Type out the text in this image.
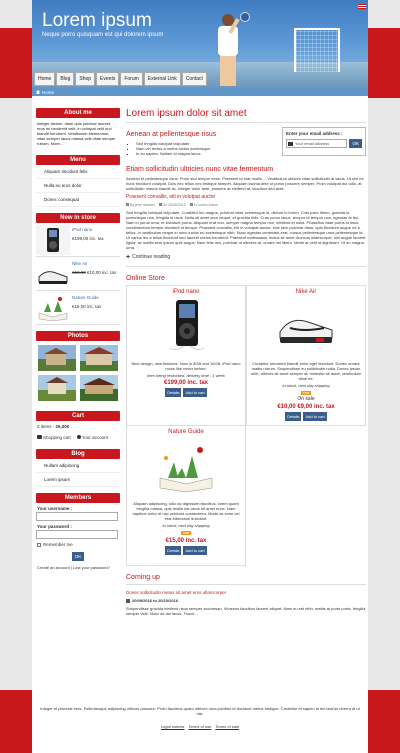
Lorem ipsum
Neque porro quisquam est qui dolorem ipsum
Home	Blog	Shop	Events	Forum	External Link	Contact
Home
About me
Integer dictum, diam quis pulvinar laoreet, eros mi hendrerit velit, in volutpat velit orci blandit hendrerit. Vestibulum elementum, vitae semper lacus massa velit vitae semper rutrum. More...
Menu
Aliquam tincidunt felis
Nulla eu eros dolor
Donec consequat
New in store
iPod nano
€199,00 inc. tax
Nike Air
€10,00 €10,00 inc. tax
Nature Guide
€15,00 inc. tax
Photos
Cart
2 items - 25,00€
Shopping cart	Your account
Blog
Nullam adipiscing
Lorem ipsum
Members
Your username :
Your password :
Remember me
OK
Create an account | Lost your password?
Lorem ipsum dolor sit amet
Aenean at pellentesque risus
▪ Sed fringilla volutpat vulputate
▪ Nam vel lectus a metus luctus scelerisque
▪ In eu sapien. Nullam id magna lacus
Enter your email address :
Your email address	OK
Etiam sollicitudin ultricies nunc vitae fermentum

Aenean et pellentesque risus. Proin sed tempor enim. Praesent id erat mollis ... Vestibulum ultrices vitae sollicitudin at lacus. Ut nisl mi nunc tincidunt volutpat. Duis nec tellus nec tristique semper. Aliquam lacinia ante ut purus posuere semper. Proin volutpat dui odio, at sollicitudin mauris blandit ac. Integer dolor ante, posuere at eleifend at, faucibus sed ante.

Praesent convallis, elit in volutpat auctor
By jerry ramsen	On 20/06/2012	In Lorem Ipsum

Sed fringilla volutpat vulputate. Curabitur leo magna, pulvinar vitae scelerisque id, dictum in lorem. Cras justo libero, gravida ut scelerisque non, fringilla id risus. Nulla sit amet arcu neque, et gravida felis. Cras purus lacus, tempor ut tempor non, egestas et leo. Nam in purus urna, et tincidunt purus. Aliquam erat non, semper magna tempor non, eleifend et nulla. Phasellus vitae purus id risus condimentum tempor tincidunt id tempor. Praesent convallis, elit in volutpat auctor, erat sem pulvinar diam, quis tincidunt augue mi a tellus. In vestibulum neque in nunc luctus eu scelerisque nibh. Nunc egestas venenatis erat, cursus pellentesque urna pellentesque id. Ut varius leo a tellus tincidunt sed laoreet metus hendrerit. Praesent malesuada, lectus sit amet rhoncus ullamcorper, nisl augue laoreet ligula, ac mattis sem ipsum quis augue. Nam felis orci, pulvinar ut ultricies at, ornare vel libero. Morbi at velit id dignissim. Ut eu magna urna.

+ Continue reading
Online Store
iPod nano
New design, new features. Now in 8GB and 16GB. iPod nano rocks like never before.
Item being restocked, delivery time : 1 week
€199,00 inc. tax
Details	Add to cart
Nike Air
Curabitur hendrerit blandit enim eget tincidunt. Donec ornare mattis rutrum. Suspendisse eu sollicitudin nulla. Donec ipsum nibh, ultrices sit amet semper at, molestie sit amet, vestibulum vitae mi.
In stock, next day shipping
new
On sale
€10,00 €9,00 inc. tax
Details	Add to cart
Nature Guide
Aliquam adipiscing, odio ac dignissim faucibus, lorem quam fringilla massa, quis mollis est lacus sit amet nunc. Nam dapibus tortor et nisi vehicula consectetur. Morbi ac enim vel erat bibendum tincidunt.
In stock, next day shipping
new
€15,00 inc. tax
Details	Add to cart
Coming up
Donec sollicitudin metus sit amet eros ullamcorper
20/09/2016 to 20/10/2016

Suspendisse gravida eleifend risus semper accumsan. Vivamus faucibus laoreet aliquet. Nam eu est nibh, mattis at porta porta, fringilla semper velit. Nunc ac dui lacus. Fusce...

Integer et placerat eros. Pellentesque adipiscing ultrices posuere. Proin faucibus quam ultrices urna porttitor id tincidunt metus tristique. Curabitur et sapien id leo lacinia viverra at ut nisi.
Legal notices Terms of use Terms of sale
